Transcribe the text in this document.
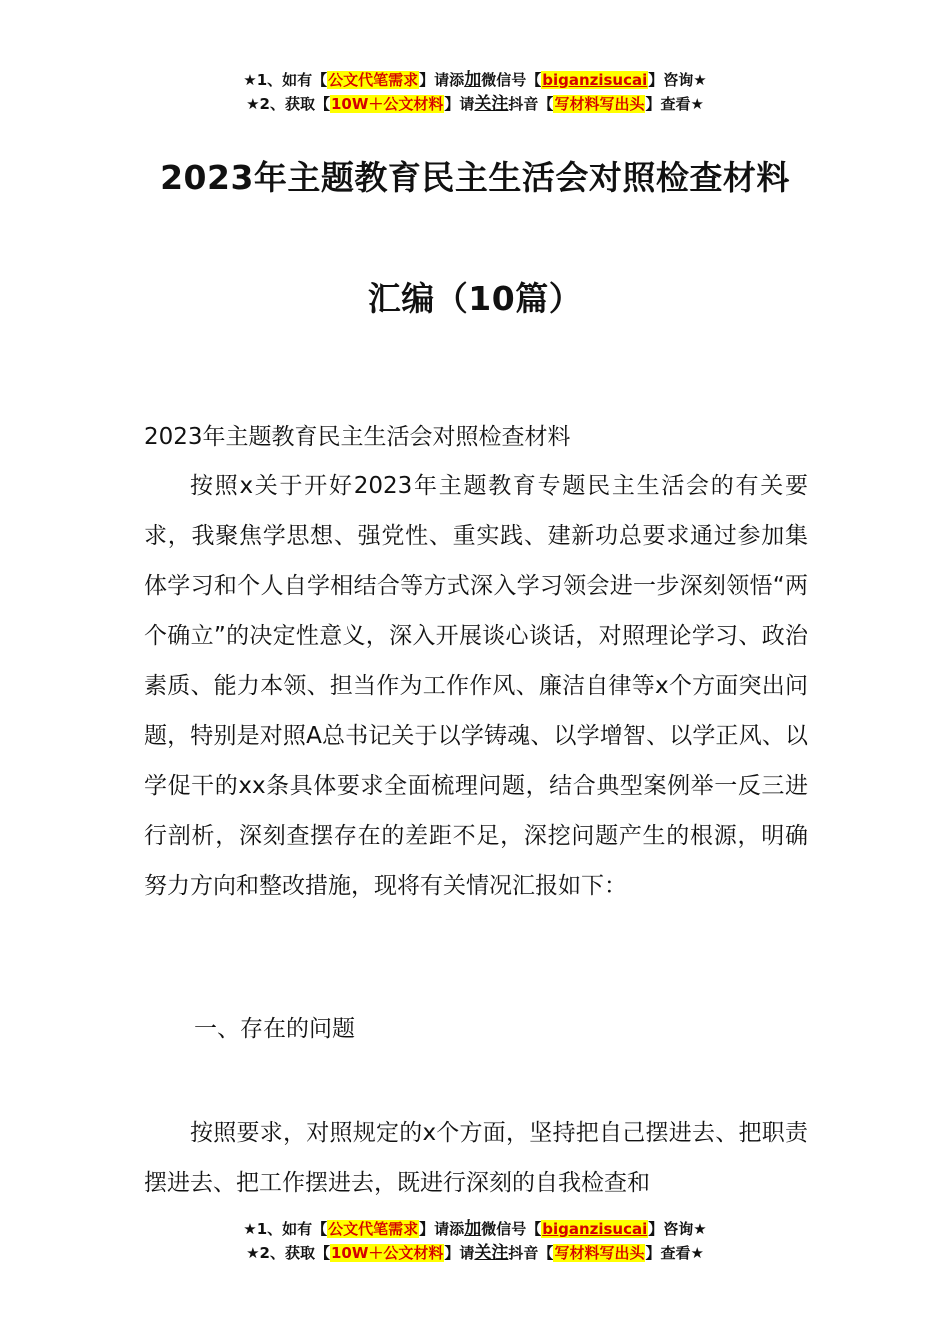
★1、如有【公文代笔需求】请添加微信号【biganzisucai】咨询★
★2、获取【10W＋公文材料】请关注抖音【写材料写出头】查看★
2023年主题教育民主生活会对照检查材料
汇编（10篇）
2023年主题教育民主生活会对照检查材料
按照x关于开好2023年主题教育专题民主生活会的有关要求，我聚焦学思想、强党性、重实践、建新功总要求通过参加集体学习和个人自学相结合等方式深入学习领会进一步深刻领悟“两个确立”的决定性意义，深入开展谈心谈话，对照理论学习、政治素质、能力本领、担当作为工作作风、廉洁自律等x个方面突出问题，特别是对照A总书记关于以学铸魂、以学增智、以学正风、以学促干的xx条具体要求全面梳理问题，结合典型案例举一反三进行剖析，深刻查摆存在的差距不足，深挖问题产生的根源，明确努力方向和整改措施，现将有关情况汇报如下：
一、存在的问题
按照要求，对照规定的x个方面，坚持把自己摆进去、把职责摆进去、把工作摆进去，既进行深刻的自我检查和
★1、如有【公文代笔需求】请添加微信号【biganzisucai】咨询★
★2、获取【10W＋公文材料】请关注抖音【写材料写出头】查看★
